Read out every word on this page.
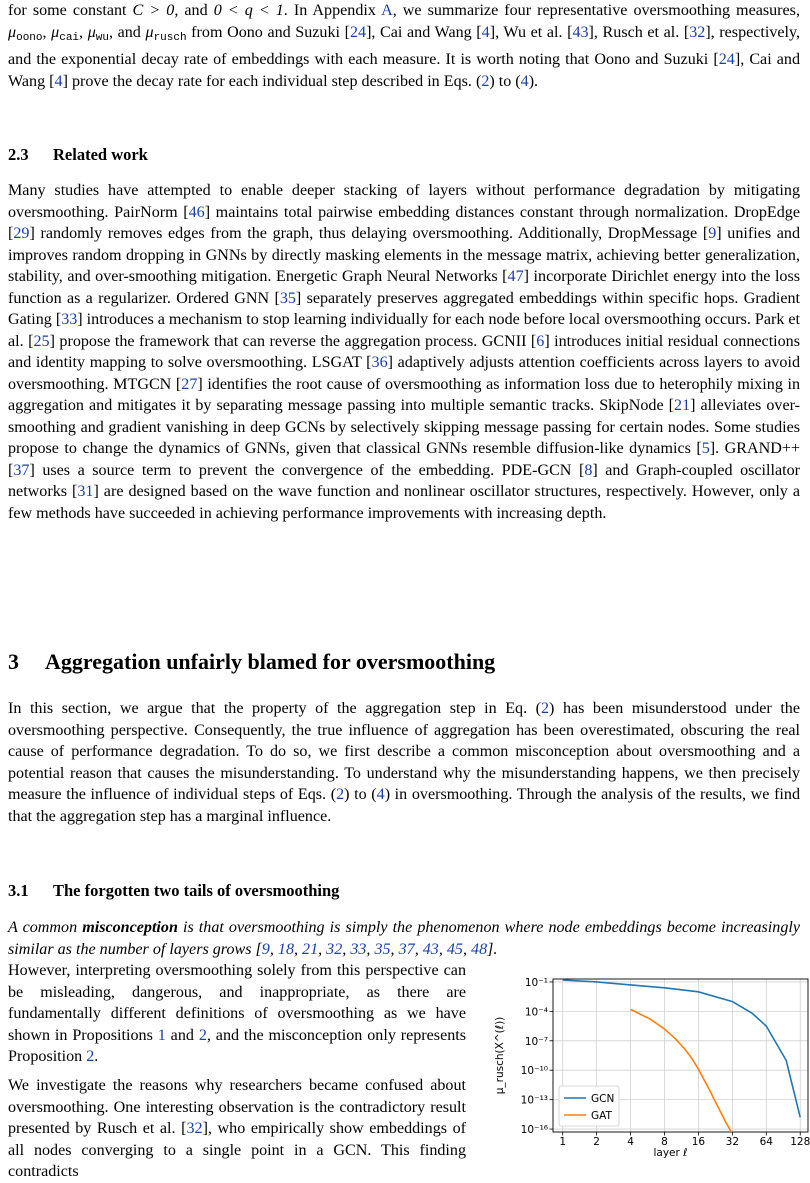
for some constant C > 0, and 0 < q < 1. In Appendix A, we summarize four representative oversmoothing measures, μoono, μcai, μwu, and μrusch from Oono and Suzuki [24], Cai and Wang [4], Wu et al. [43], Rusch et al. [32], respectively, and the exponential decay rate of embeddings with each measure. It is worth noting that Oono and Suzuki [24], Cai and Wang [4] prove the decay rate for each individual step described in Eqs. (2) to (4).

2.3 Related work

Many studies have attempted to enable deeper stacking of layers without performance degradation by mitigating oversmoothing. PairNorm [46] maintains total pairwise embedding distances constant through normalization. DropEdge [29] randomly removes edges from the graph, thus delaying oversmoothing. Additionally, DropMessage [9] unifies and improves random dropping in GNNs by directly masking elements in the message matrix, achieving better generalization, stability, and over-smoothing mitigation. Energetic Graph Neural Networks [47] incorporate Dirichlet energy into the loss function as a regularizer. Ordered GNN [35] separately preserves aggregated embeddings within specific hops. Gradient Gating [33] introduces a mechanism to stop learning individually for each node before local oversmoothing occurs. Park et al. [25] propose the framework that can reverse the aggregation process. GCNII [6] introduces initial residual connections and identity mapping to solve oversmoothing. LSGAT [36] adaptively adjusts attention coefficients across layers to avoid oversmoothing. MTGCN [27] identifies the root cause of oversmoothing as information loss due to heterophily mixing in aggregation and mitigates it by separating message passing into multiple semantic tracks. SkipNode [21] alleviates over-smoothing and gradient vanishing in deep GCNs by selectively skipping message passing for certain nodes. Some studies propose to change the dynamics of GNNs, given that classical GNNs resemble diffusion-like dynamics [5]. GRAND++ [37] uses a source term to prevent the convergence of the embedding. PDE-GCN [8] and Graph-coupled oscillator networks [31] are designed based on the wave function and nonlinear oscillator structures, respectively. However, only a few methods have succeeded in achieving performance improvements with increasing depth.

3 Aggregation unfairly blamed for oversmoothing

In this section, we argue that the property of the aggregation step in Eq. (2) has been misunderstood under the oversmoothing perspective. Consequently, the true influence of aggregation has been overestimated, obscuring the real cause of performance degradation. To do so, we first describe a common misconception about oversmoothing and a potential reason that causes the misunderstanding. To understand why the misunderstanding happens, we then precisely measure the influence of individual steps of Eqs. (2) to (4) in oversmoothing. Through the analysis of the results, we find that the aggregation step has a marginal influence.

3.1 The forgotten two tails of oversmoothing

A common misconception is that oversmoothing is simply the phenomenon where node embeddings become increasingly similar as the number of layers grows [9, 18, 21, 32, 33, 35, 37, 43, 45, 48].

However, interpreting oversmoothing solely from this perspective can be misleading, dangerous, and inappropriate, as there are fundamentally different definitions of oversmoothing as we have shown in Propositions 1 and 2, and the misconception only represents Proposition 2.

We investigate the reasons why researchers became confused about oversmoothing. One interesting observation is the contradictory result presented by Rusch et al. [32], who empirically show embeddings of all nodes converging to a single point in a GCN. This finding contradicts

1	2	4	8 16 32 64 128
10⁻¹
10⁻⁴
10⁻⁷
10⁻¹⁰
10⁻¹³
10⁻¹⁶
layer ℓ
μ_rusch(X^(ℓ))
GCN
GAT
